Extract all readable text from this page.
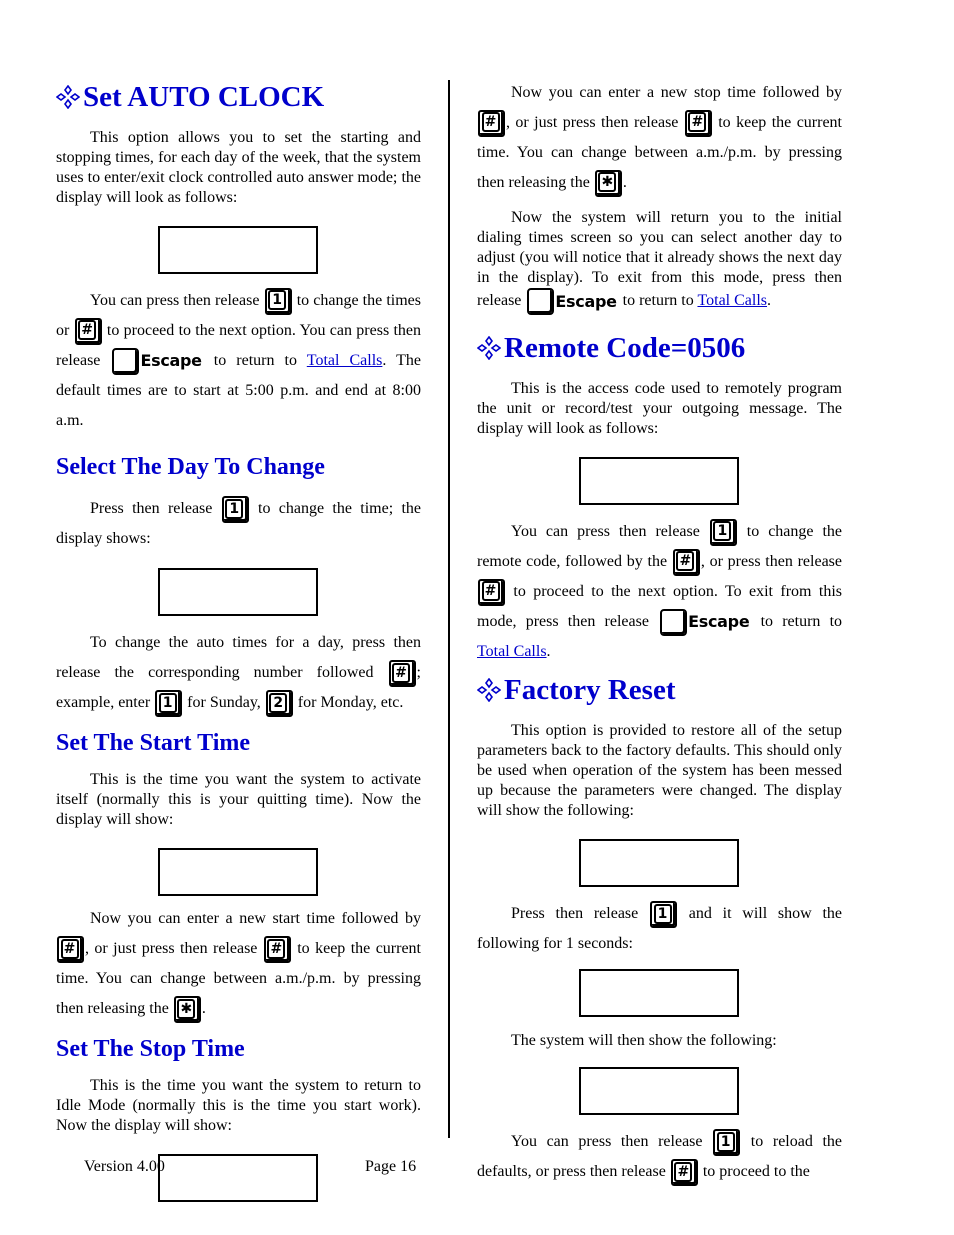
Set AUTO CLOCK

This option allows you to set the starting and stopping times, for each day of the week, that the system uses to enter/exit clock controlled auto answer mode; the display will look as follows:

You can press then release 1 to change the times or # to proceed to the next option. You can press then release	Escape to return to Total Calls. The default times are to start at 5:00 p.m. and end at 8:00 a.m.

Select The Day To Change

Press then release 1 to change the time; the display shows:

To change the auto times for a day, press then release the corresponding number followed # ; example, enter 1 for Sunday, 2 for Monday, etc.

Set The Start Time

This is the time you want the system to activate itself (normally this is your quitting time). Now the display will show:

Now you can enter a new start time followed by
# , or just press then release # to keep the current time. You can change between a.m./p.m. by pressing then releasing the ✱ .

Set The Stop Time

This is the time you want the system to return to Idle Mode (normally this is the time you start work). Now the display will show:

Now you can enter a new stop time followed by
# , or just press then release # to keep the current time. You can change between a.m./p.m. by pressing then releasing the ✱ .

Now the system will return you to the initial dialing times screen so you can select another day to adjust (you will notice that it already shows the next day in the display). To exit from this mode, press then release Escape to return to Total Calls.

Remote Code=0506

This is the access code used to remotely program the unit or record/test your outgoing message. The display will look as follows:

You can press then release 1 to change the remote code, followed by the # , or press then release
# to proceed to the next option. To exit from this mode, press then release Escape to return to Total Calls.

Factory Reset

This option is provided to restore all of the setup parameters back to the factory defaults. This should only be used when operation of the system has been messed up because the parameters were changed. The display will show the following:

Press then release 1 and it will show the following for 1 seconds:

The system will then show the following:

You can press then release 1 to reload the defaults, or press then release # to proceed to the

Version 4.00	Page 16
